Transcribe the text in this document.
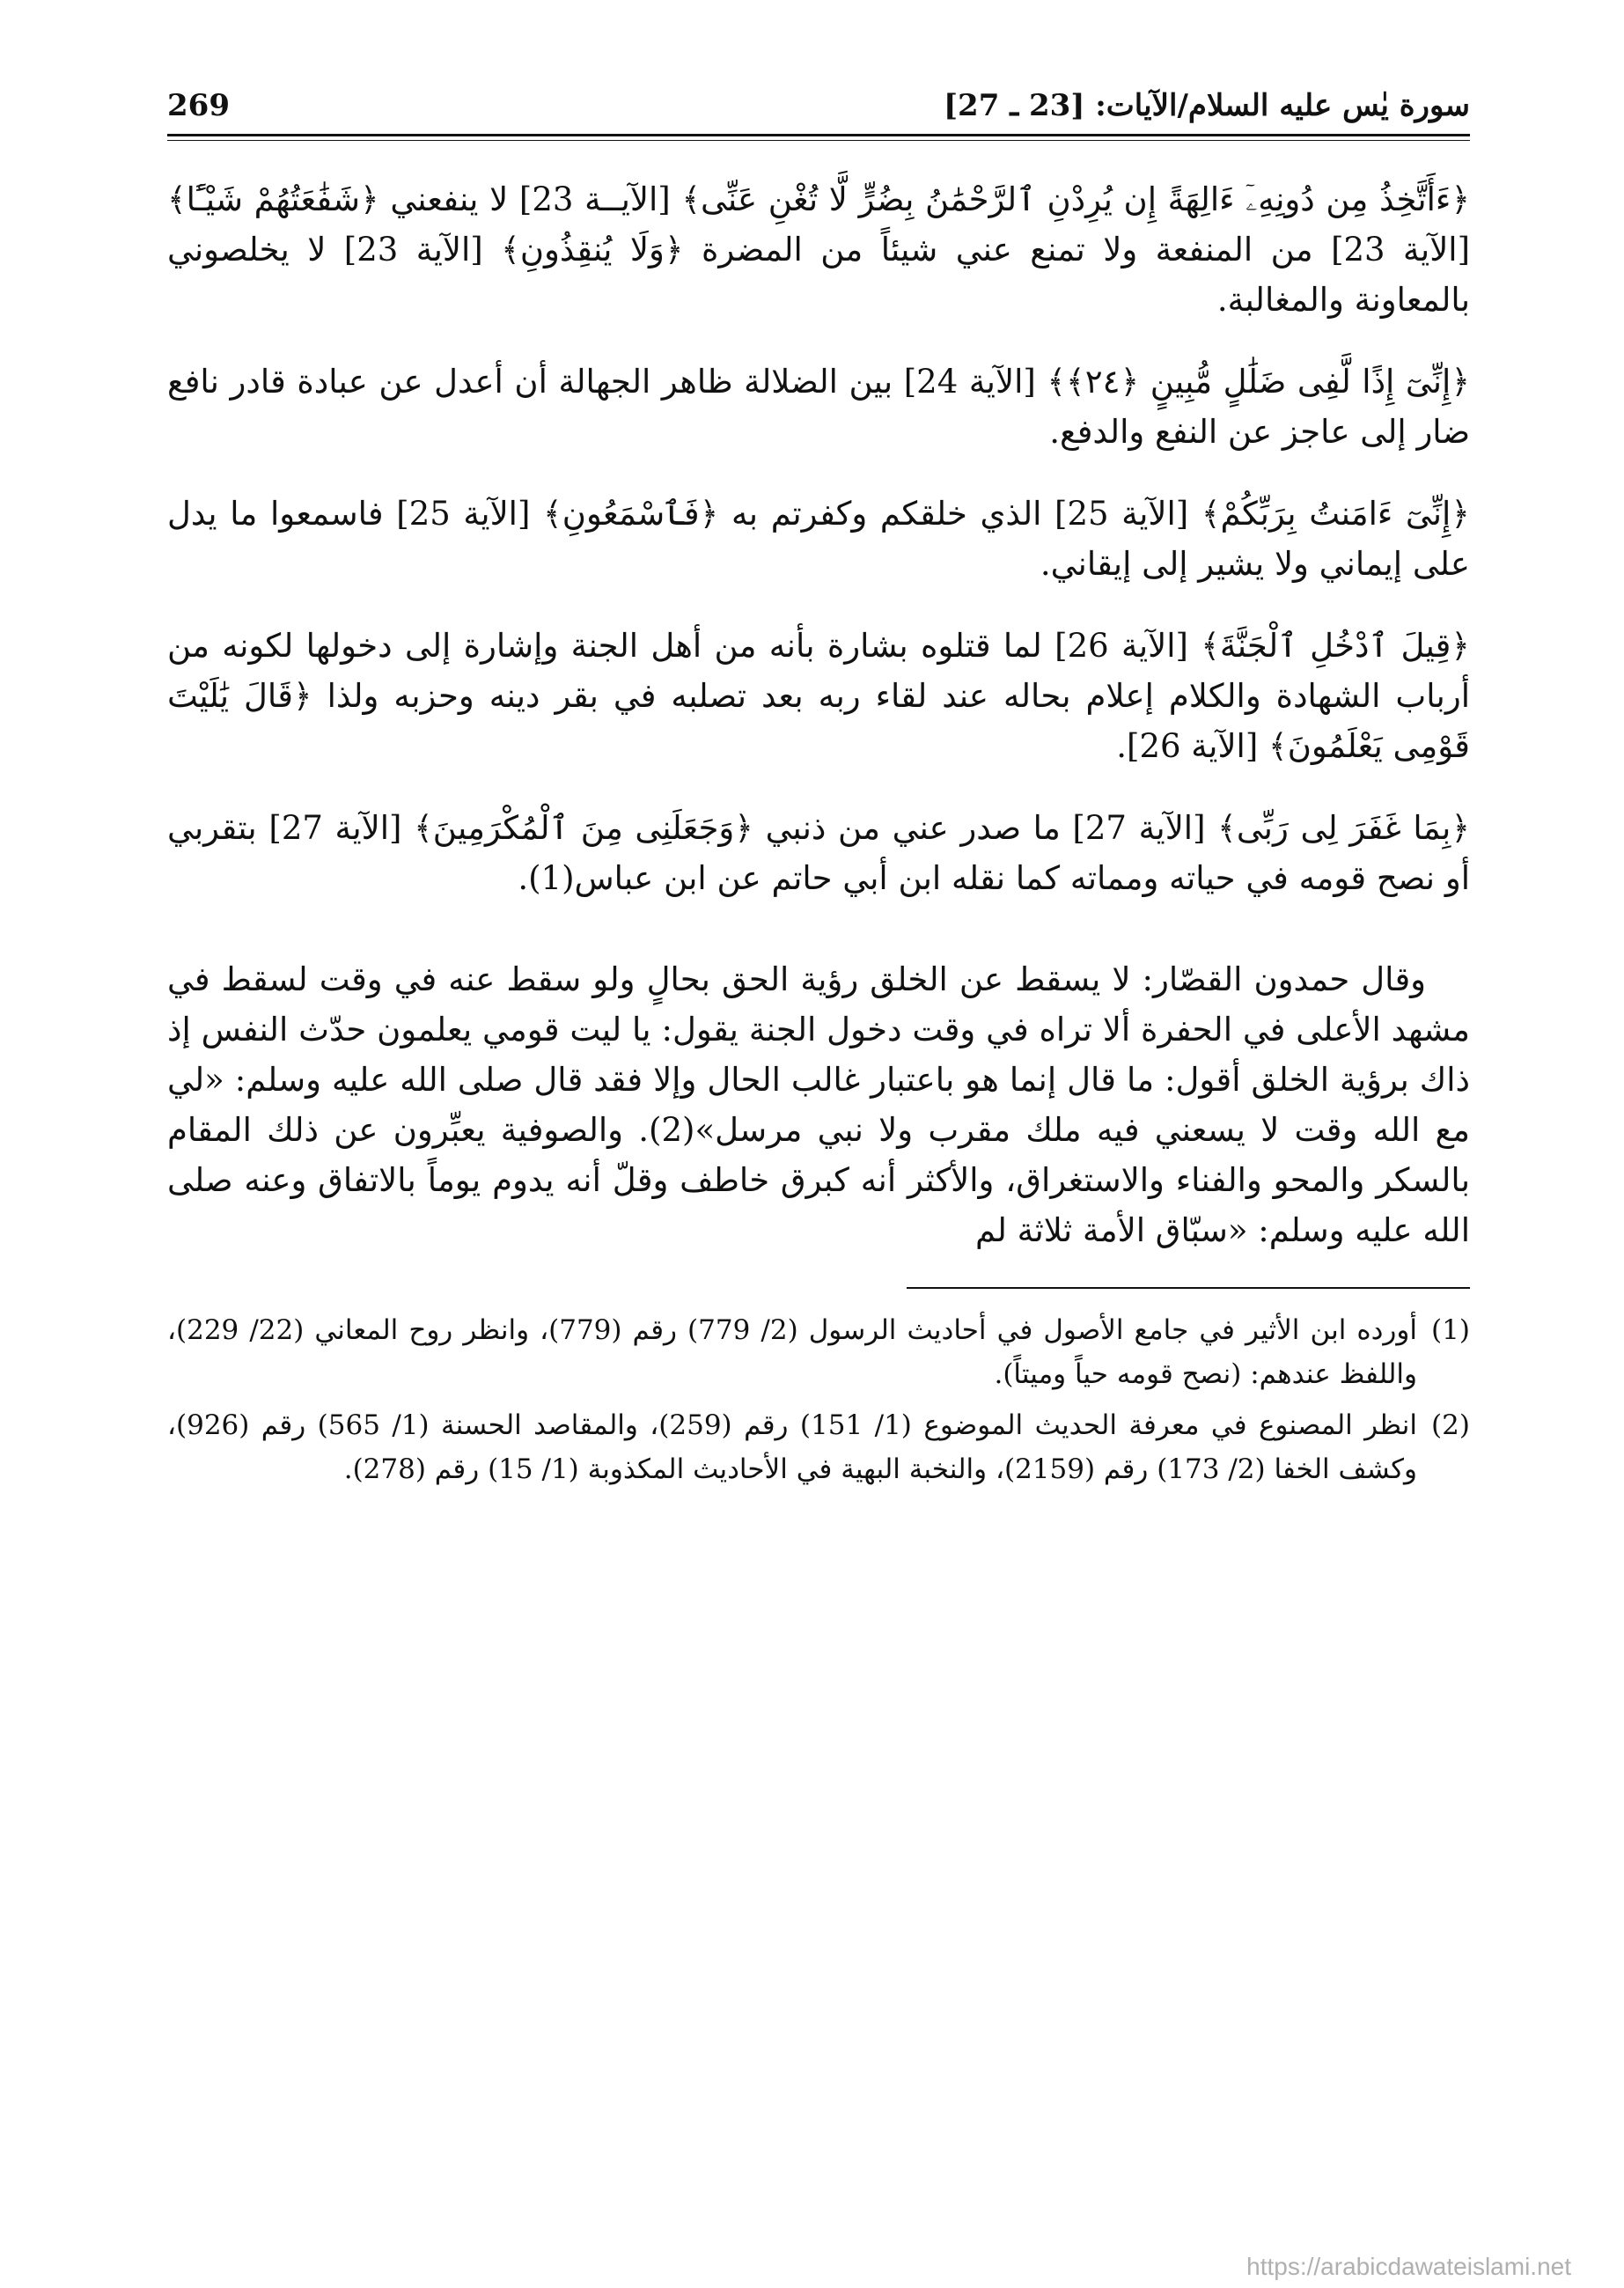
سورة يٰس عليه السلام/الآيات: [23 ـ 27]
269

﴿ءَأَتَّخِذُ مِن دُونِهِۦٓ ءَالِهَةً إِن يُرِدْنِ ٱلرَّحْمَٰنُ بِضُرٍّ لَّا تُغْنِ عَنِّى﴾ [الآيــة 23] لا ينفعني ﴿شَفَٰعَتُهُمْ شَيْـًٔا﴾ [الآية 23] من المنفعة ولا تمنع عني شيئاً من المضرة ﴿وَلَا يُنقِذُونِ﴾ [الآية 23] لا يخلصوني بالمعاونة والمغالبة.

﴿إِنِّىٓ إِذًا لَّفِى ضَلَٰلٍ مُّبِينٍ ﴿٢٤﴾﴾ [الآية 24] بين الضلالة ظاهر الجهالة أن أعدل عن عبادة قادر نافع ضار إلى عاجز عن النفع والدفع.

﴿إِنِّىٓ ءَامَنتُ بِرَبِّكُمْ﴾ [الآية 25] الذي خلقكم وكفرتم به ﴿فَٱسْمَعُونِ﴾ [الآية 25] فاسمعوا ما يدل على إيماني ولا يشير إلى إيقاني.

﴿قِيلَ ٱدْخُلِ ٱلْجَنَّةَ﴾ [الآية 26] لما قتلوه بشارة بأنه من أهل الجنة وإشارة إلى دخولها لكونه من أرباب الشهادة والكلام إعلام بحاله عند لقاء ربه بعد تصلبه في بقر دينه وحزبه ولذا ﴿قَالَ يَٰلَيْتَ قَوْمِى يَعْلَمُونَ﴾ [الآية 26].

﴿بِمَا غَفَرَ لِى رَبِّى﴾ [الآية 27] ما صدر عني من ذنبي ﴿وَجَعَلَنِى مِنَ ٱلْمُكْرَمِينَ﴾ [الآية 27] بتقربي أو نصح قومه في حياته ومماته كما نقله ابن أبي حاتم عن ابن عباس(1).

وقال حمدون القصّار: لا يسقط عن الخلق رؤية الحق بحالٍ ولو سقط عنه في وقت لسقط في مشهد الأعلى في الحفرة ألا تراه في وقت دخول الجنة يقول: يا ليت قومي يعلمون حدّث النفس إذ ذاك برؤية الخلق أقول: ما قال إنما هو باعتبار غالب الحال وإلا فقد قال صلى الله عليه وسلم: «لي مع الله وقت لا يسعني فيه ملك مقرب ولا نبي مرسل»(2). والصوفية يعبِّرون عن ذلك المقام بالسكر والمحو والفناء والاستغراق، والأكثر أنه كبرق خاطف وقلّ أنه يدوم يوماً بالاتفاق وعنه صلى الله عليه وسلم: «سبّاق الأمة ثلاثة لم

(1)
أورده ابن الأثير في جامع الأصول في أحاديث الرسول (2/ 779) رقم (779)، وانظر روح المعاني (22/ 229)، واللفظ عندهم: (نصح قومه حياً وميتاً).
(2)
انظر المصنوع في معرفة الحديث الموضوع (1/ 151) رقم (259)، والمقاصد الحسنة (1/ 565) رقم (926)، وكشف الخفا (2/ 173) رقم (2159)، والنخبة البهية في الأحاديث المكذوبة (1/ 15) رقم (278).
https://arabicdawateislami.net
